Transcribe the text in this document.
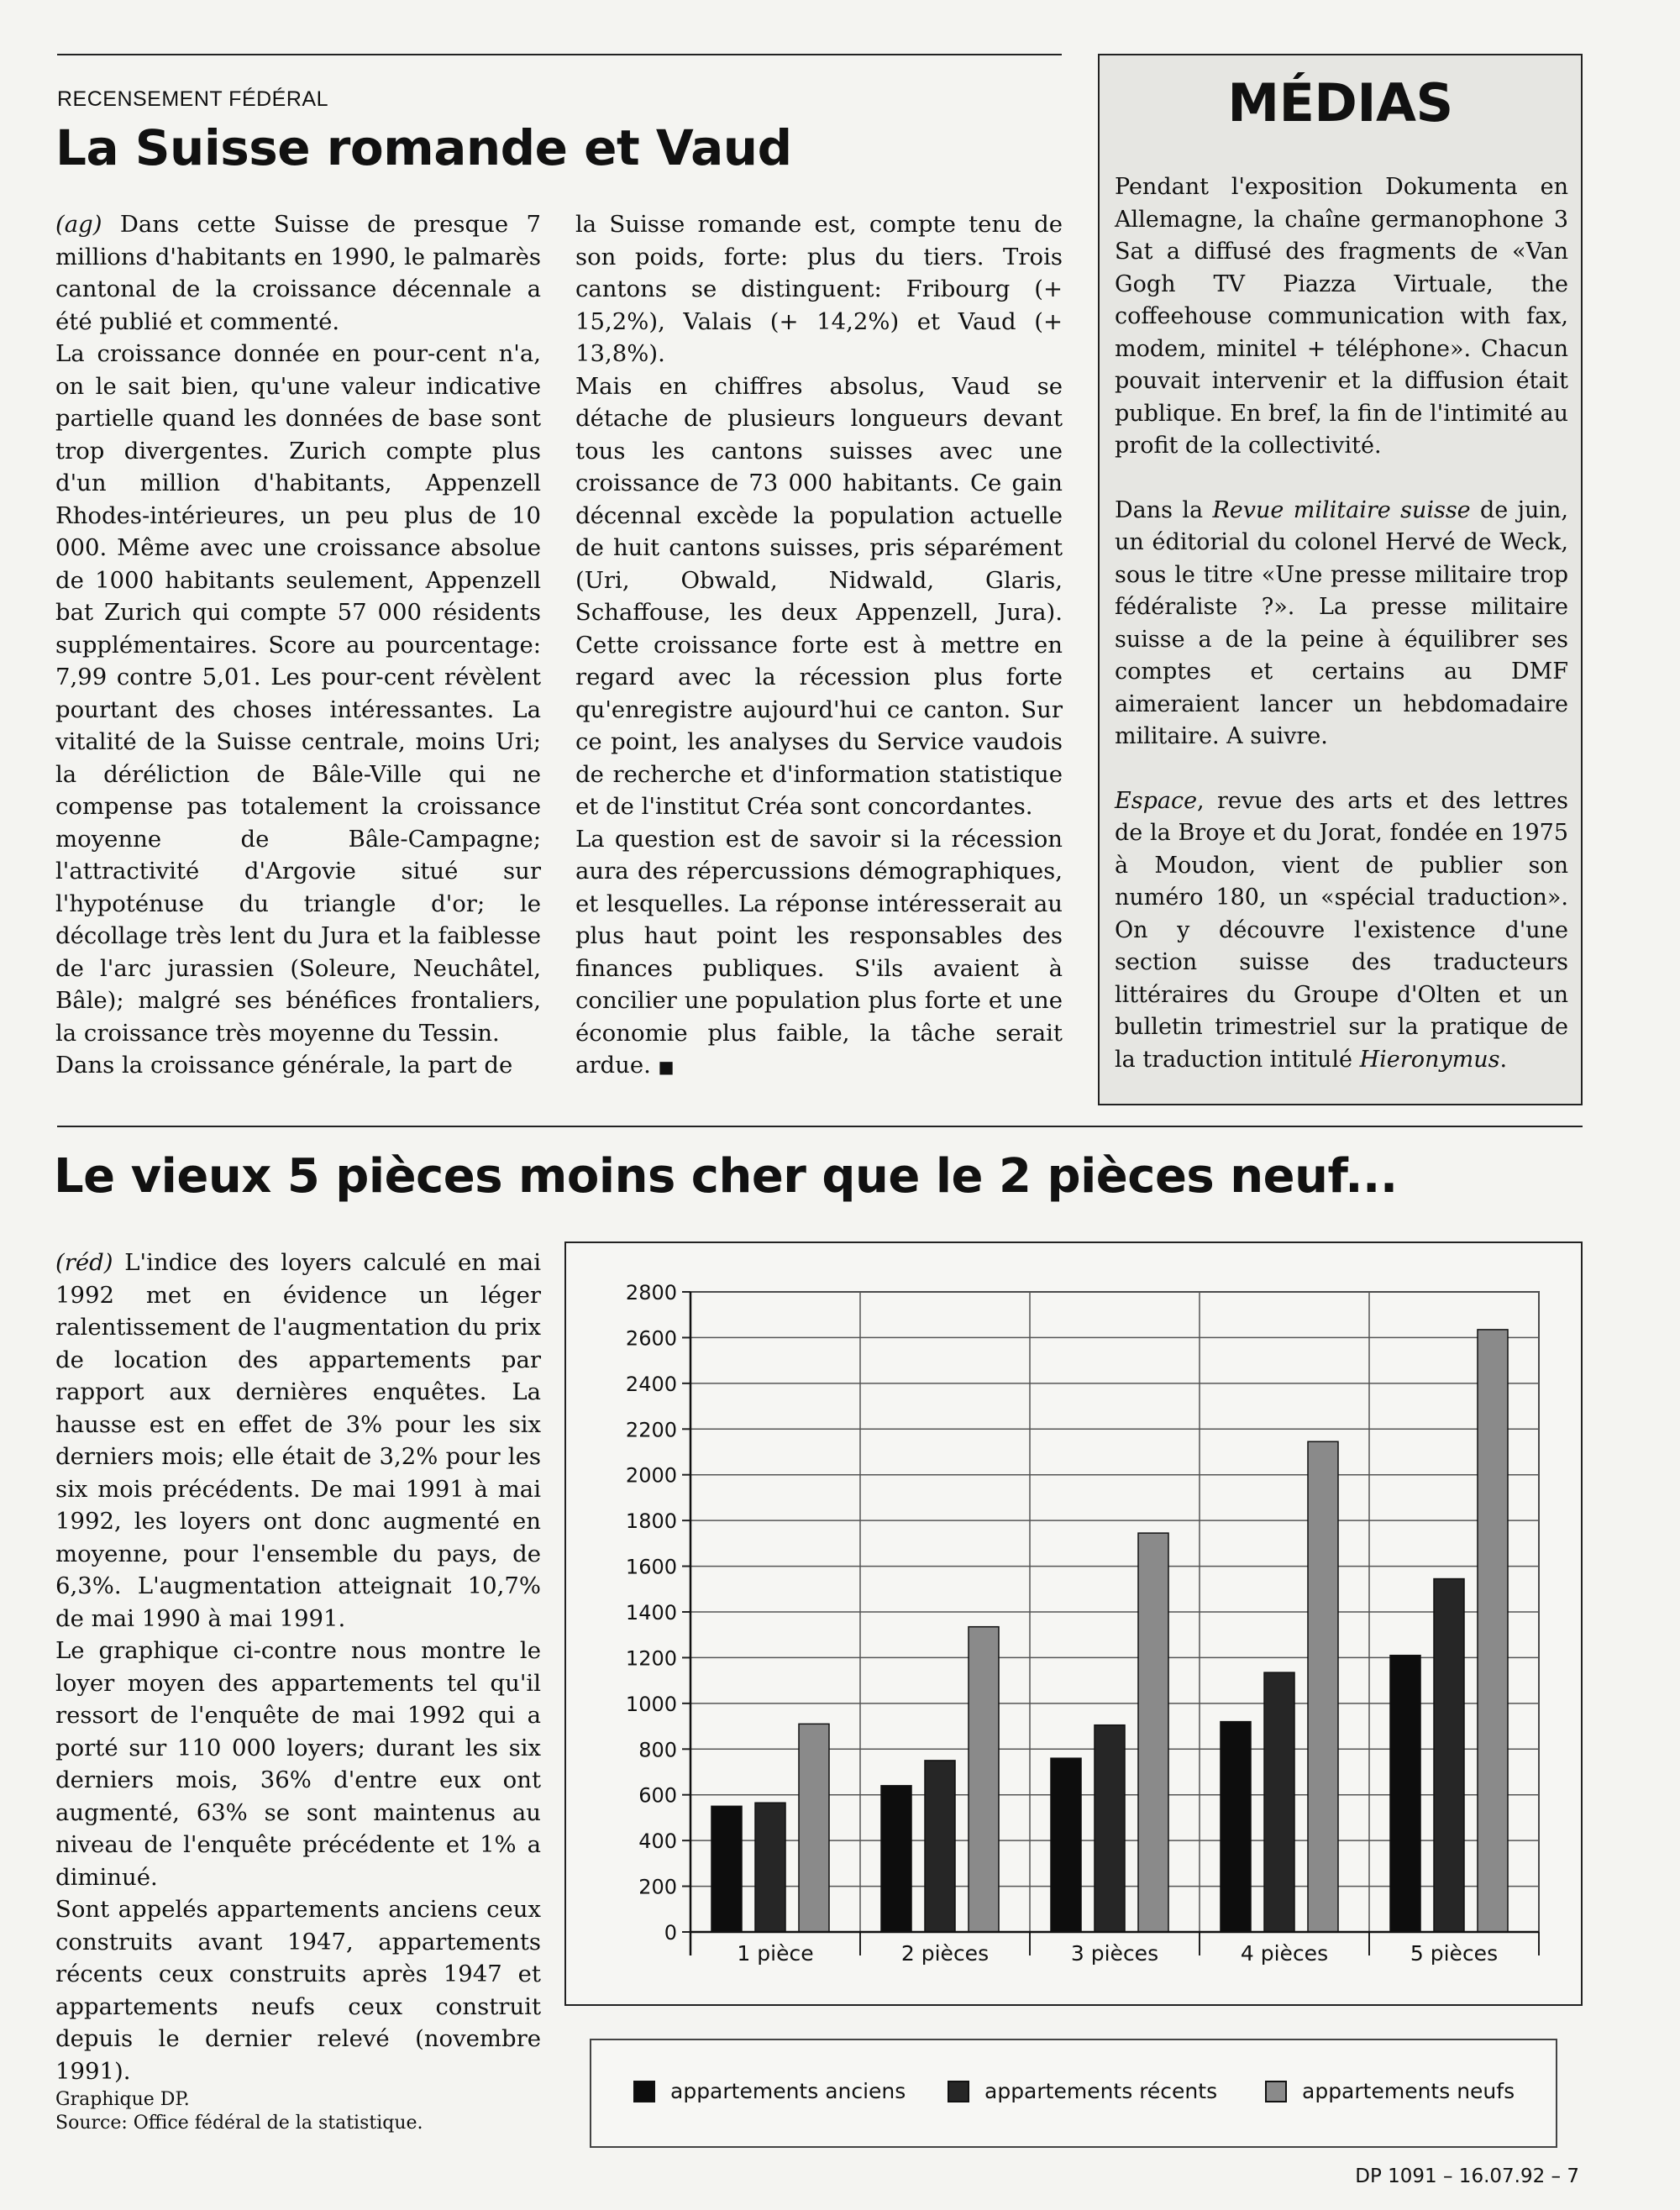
RECENSEMENT FÉDÉRAL
La Suisse romande et Vaud

(ag) Dans cette Suisse de presque 7 millions d'habitants en 1990, le palmarès cantonal de la croissance décennale a été publié et commenté.

La croissance donnée en pour-cent n'a, on le sait bien, qu'une valeur indicative partielle quand les données de base sont trop divergentes. Zurich compte plus d'un million d'habitants, Appenzell Rhodes-intérieures, un peu plus de 10 000. Même avec une croissance absolue de 1000 habitants seulement, Appenzell bat Zurich qui compte 57 000 résidents supplémentaires. Score au pourcentage: 7,99 contre 5,01. Les pour-cent révèlent pourtant des choses intéressantes. La vitalité de la Suisse centrale, moins Uri; la déréliction de Bâle-Ville qui ne compense pas totalement la croissance moyenne de Bâle-Campagne; l'attractivité d'Argovie situé sur l'hypoténuse du triangle d'or; le décollage très lent du Jura et la faiblesse de l'arc jurassien (Soleure, Neuchâtel, Bâle); malgré ses bénéfices frontaliers, la croissance très moyenne du Tessin.

Dans la croissance générale, la part de

la Suisse romande est, compte tenu de son poids, forte: plus du tiers. Trois cantons se distinguent: Fribourg (+ 15,2%), Valais (+ 14,2%) et Vaud (+ 13,8%).

Mais en chiffres absolus, Vaud se détache de plusieurs longueurs devant tous les cantons suisses avec une croissance de 73 000 habitants. Ce gain décennal excède la population actuelle de huit cantons suisses, pris séparément (Uri, Obwald, Nidwald, Glaris, Schaffouse, les deux Appenzell, Jura). Cette croissance forte est à mettre en regard avec la récession plus forte qu'enregistre aujourd'hui ce canton. Sur ce point, les analyses du Service vaudois de recherche et d'information statistique et de l'institut Créa sont concordantes.

La question est de savoir si la récession aura des répercussions démographiques, et lesquelles. La réponse intéresserait au plus haut point les responsables des finances publiques. S'ils avaient à concilier une population plus forte et une économie plus faible, la tâche serait ardue. ■

MÉDIAS

Pendant l'exposition Dokumenta en Allemagne, la chaîne germanophone 3 Sat a diffusé des fragments de «Van Gogh TV Piazza Virtuale, the coffeehouse communication with fax, modem, minitel + téléphone». Chacun pouvait intervenir et la diffusion était publique. En bref, la fin de l'intimité au profit de la collectivité.

Dans la Revue militaire suisse de juin, un éditorial du colonel Hervé de Weck, sous le titre «Une presse militaire trop fédéraliste ?». La presse militaire suisse a de la peine à équilibrer ses comptes et certains au DMF aimeraient lancer un hebdomadaire militaire. A suivre.

Espace, revue des arts et des lettres de la Broye et du Jorat, fondée en 1975 à Moudon, vient de publier son numéro 180, un «spécial traduction». On y découvre l'existence d'une section suisse des traducteurs littéraires du Groupe d'Olten et un bulletin trimestriel sur la pratique de la traduction intitulé Hieronymus.

Le vieux 5 pièces moins cher que le 2 pièces neuf...

(réd) L'indice des loyers calculé en mai 1992 met en évidence un léger ralentissement de l'augmentation du prix de location des appartements par rapport aux dernières enquêtes. La hausse est en effet de 3% pour les six derniers mois; elle était de 3,2% pour les six mois précédents. De mai 1991 à mai 1992, les loyers ont donc augmenté en moyenne, pour l'ensemble du pays, de 6,3%. L'augmentation atteignait 10,7% de mai 1990 à mai 1991.

Le graphique ci-contre nous montre le loyer moyen des appartements tel qu'il ressort de l'enquête de mai 1992 qui a porté sur 110 000 loyers; durant les six derniers mois, 36% d'entre eux ont augmenté, 63% se sont maintenus au niveau de l'enquête précédente et 1% a diminué.

Sont appelés appartements anciens ceux construits avant 1947, appartements récents ceux construits après 1947 et appartements neufs ceux construit depuis le dernier relevé (novembre 1991).

Graphique DP.
Source: Office fédéral de la statistique.
0
200
400
600
800
1000
1200
1400
1600
1800
2000
2200
2400
2600
2800
1 pièce	2 pièces	3 pièces	4 pièces	5 pièces
appartements anciens	appartements récents	appartements neufs
DP 1091 – 16.07.92 – 7
